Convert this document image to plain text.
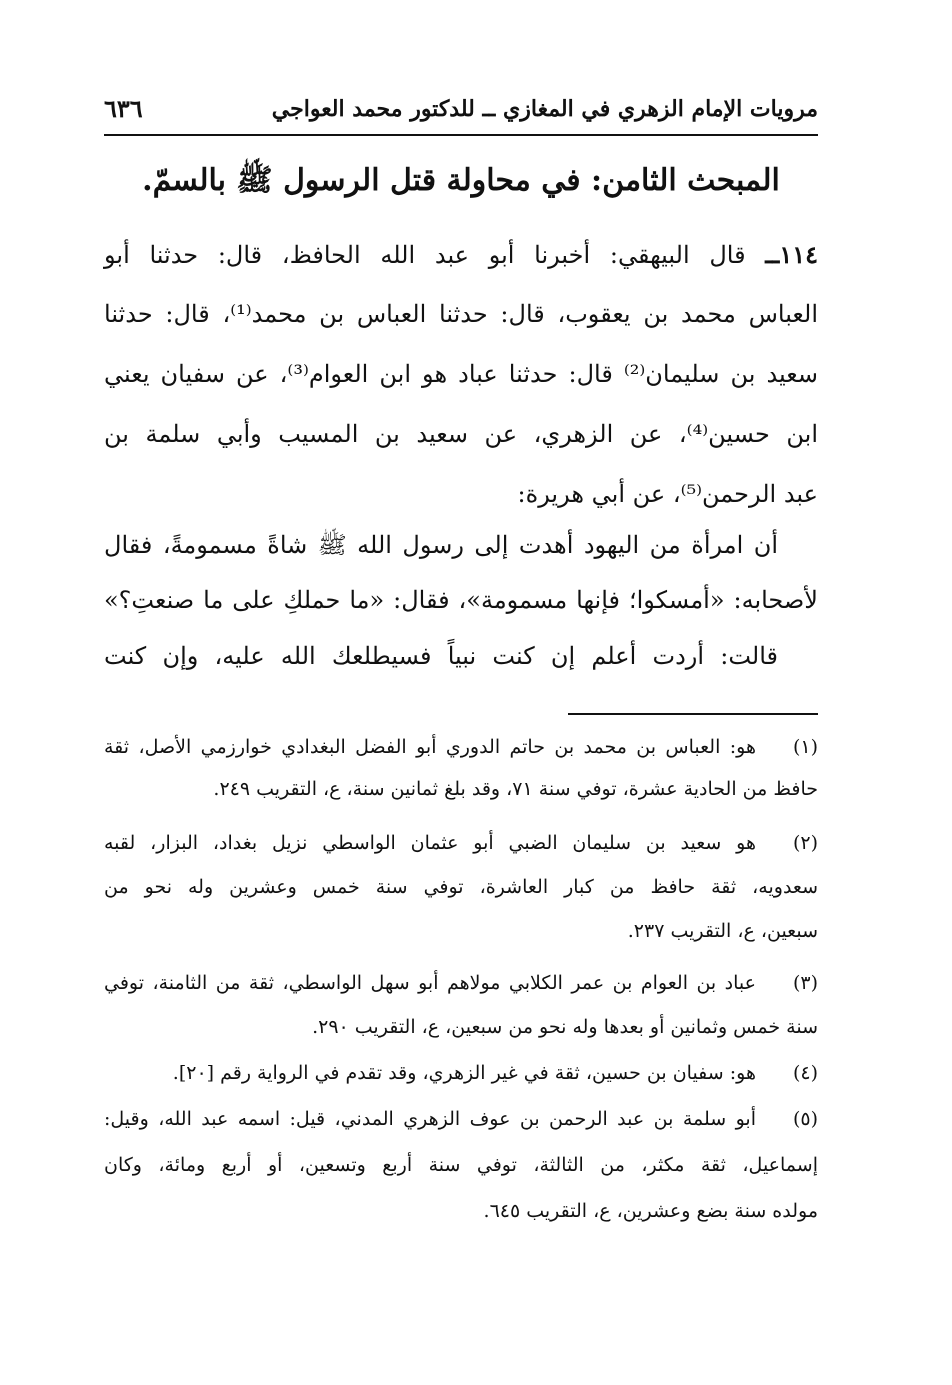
مرويات الإمام الزهري في المغازي ــ للدكتور محمد العواجي
٦٣٦
المبحث الثامن: في محاولة قتل الرسول ﷺ بالسمّ.
١١٤ــ قال البيهقي: أخبرنا أبو عبد الله الحافظ، قال: حدثنا أبو
العباس محمد بن يعقوب، قال: حدثنا العباس بن محمد⁽¹⁾، قال: حدثنا
سعيد بن سليمان⁽²⁾ قال: حدثنا عباد هو ابن العوام⁽³⁾، عن سفيان يعني
ابن حسين⁽⁴⁾، عن الزهري، عن سعيد بن المسيب وأبي سلمة بن
عبد الرحمن⁽⁵⁾، عن أبي هريرة:
أن امرأة من اليهود أهدت إلى رسول الله ﷺ شاةً مسمومةً، فقال
لأصحابه: «أمسكوا؛ فإنها مسمومة»، فقال: «ما حملكِ على ما صنعتِ؟»
قالت: أردت أعلم إن كنت نبياً فسيطلعك الله عليه، وإن كنت
(١)
هو: العباس بن محمد بن حاتم الدوري أبو الفضل البغدادي خوارزمي الأصل، ثقة
حافظ من الحادية عشرة، توفي سنة ٧١، وقد بلغ ثمانين سنة، ع، التقريب ٢٤٩.
(٢)
هو سعيد بن سليمان الضبي أبو عثمان الواسطي نزيل بغداد، البزار، لقبه
سعدويه، ثقة حافظ من كبار العاشرة، توفي سنة خمس وعشرين وله نحو من
سبعين، ع، التقريب ٢٣٧.
(٣)
عباد بن العوام بن عمر الكلابي مولاهم أبو سهل الواسطي، ثقة من الثامنة، توفي
سنة خمس وثمانين أو بعدها وله نحو من سبعين، ع، التقريب ٢٩٠.
(٤)
هو: سفيان بن حسين، ثقة في غير الزهري، وقد تقدم في الرواية رقم [٢٠].
(٥)
أبو سلمة بن عبد الرحمن بن عوف الزهري المدني، قيل: اسمه عبد الله، وقيل:
إسماعيل، ثقة مكثر، من الثالثة، توفي سنة أربع وتسعين، أو أربع ومائة، وكان
مولده سنة بضع وعشرين، ع، التقريب ٦٤٥.
